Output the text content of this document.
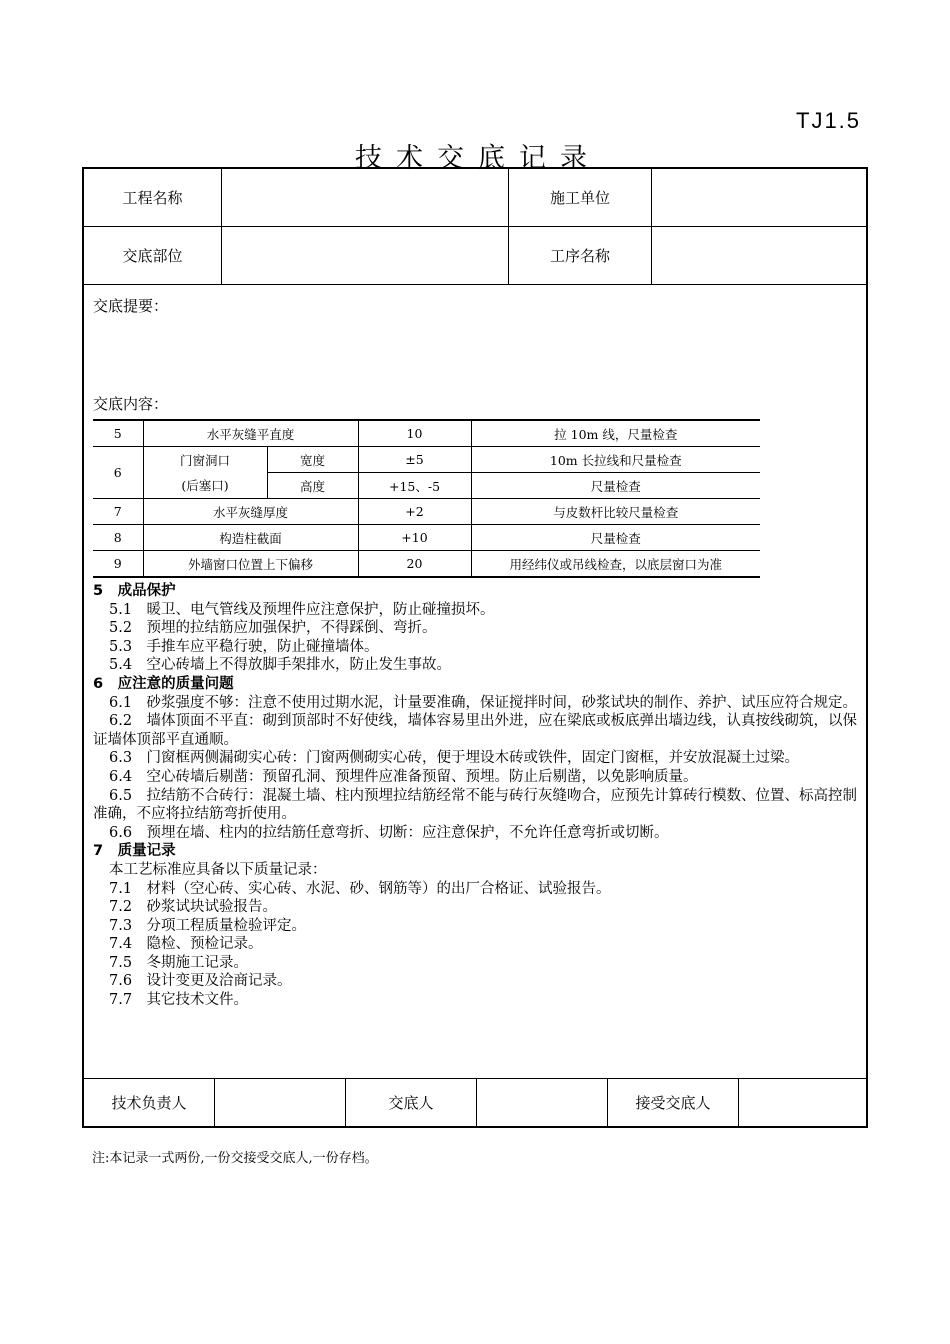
TJ1.5
技术交底记录
工程名称	施工单位
交底部位	工序名称
交底提要：
交底内容：
5	水平灰缝平直度		10	拉 10m 线，尺量检查
6	门窗洞口	宽度	±5	10m 长拉线和尺量检查
	(后塞口)	高度	+15、-5	尺量检查
7	水平灰缝厚度		+2	与皮数杆比较尺量检查
8	构造柱截面		+10	尺量检查
9	外墙窗口位置上下偏移		20	用经纬仪或吊线检查，以底层窗口为准

5　成品保护

5.1　暖卫、电气管线及预埋件应注意保护，防止碰撞损坏。

5.2　预埋的拉结筋应加强保护，不得踩倒、弯折。

5.3　手推车应平稳行驶，防止碰撞墙体。

5.4　空心砖墙上不得放脚手架排水，防止发生事故。

6　应注意的质量问题

6.1　砂浆强度不够：注意不使用过期水泥，计量要准确，保证搅拌时间，砂浆试块的制作、养护、试压应符合规定。

6.2　墙体顶面不平直：砌到顶部时不好使线，墙体容易里出外进，应在梁底或板底弹出墙边线，认真按线砌筑，以保证墙体顶部平直通顺。

6.3　门窗框两侧漏砌实心砖：门窗两侧砌实心砖，便于埋设木砖或铁件，固定门窗框，并安放混凝土过梁。

6.4　空心砖墙后剔凿：预留孔洞、预埋件应准备预留、预埋。防止后剔凿，以免影响质量。

6.5　拉结筋不合砖行：混凝土墙、柱内预埋拉结筋经常不能与砖行灰缝吻合，应预先计算砖行模数、位置、标高控制准确，不应将拉结筋弯折使用。

6.6　预埋在墙、柱内的拉结筋任意弯折、切断：应注意保护，不允许任意弯折或切断。

7　质量记录

本工艺标准应具备以下质量记录：

7.1　材料（空心砖、实心砖、水泥、砂、钢筋等）的出厂合格证、试验报告。

7.2　砂浆试块试验报告。

7.3　分项工程质量检验评定。

7.4　隐检、预检记录。

7.5　冬期施工记录。

7.6　设计变更及洽商记录。

7.7　其它技术文件。

技术负责人	交底人	接受交底人
注:本记录一式两份,一份交接受交底人,一份存档。
